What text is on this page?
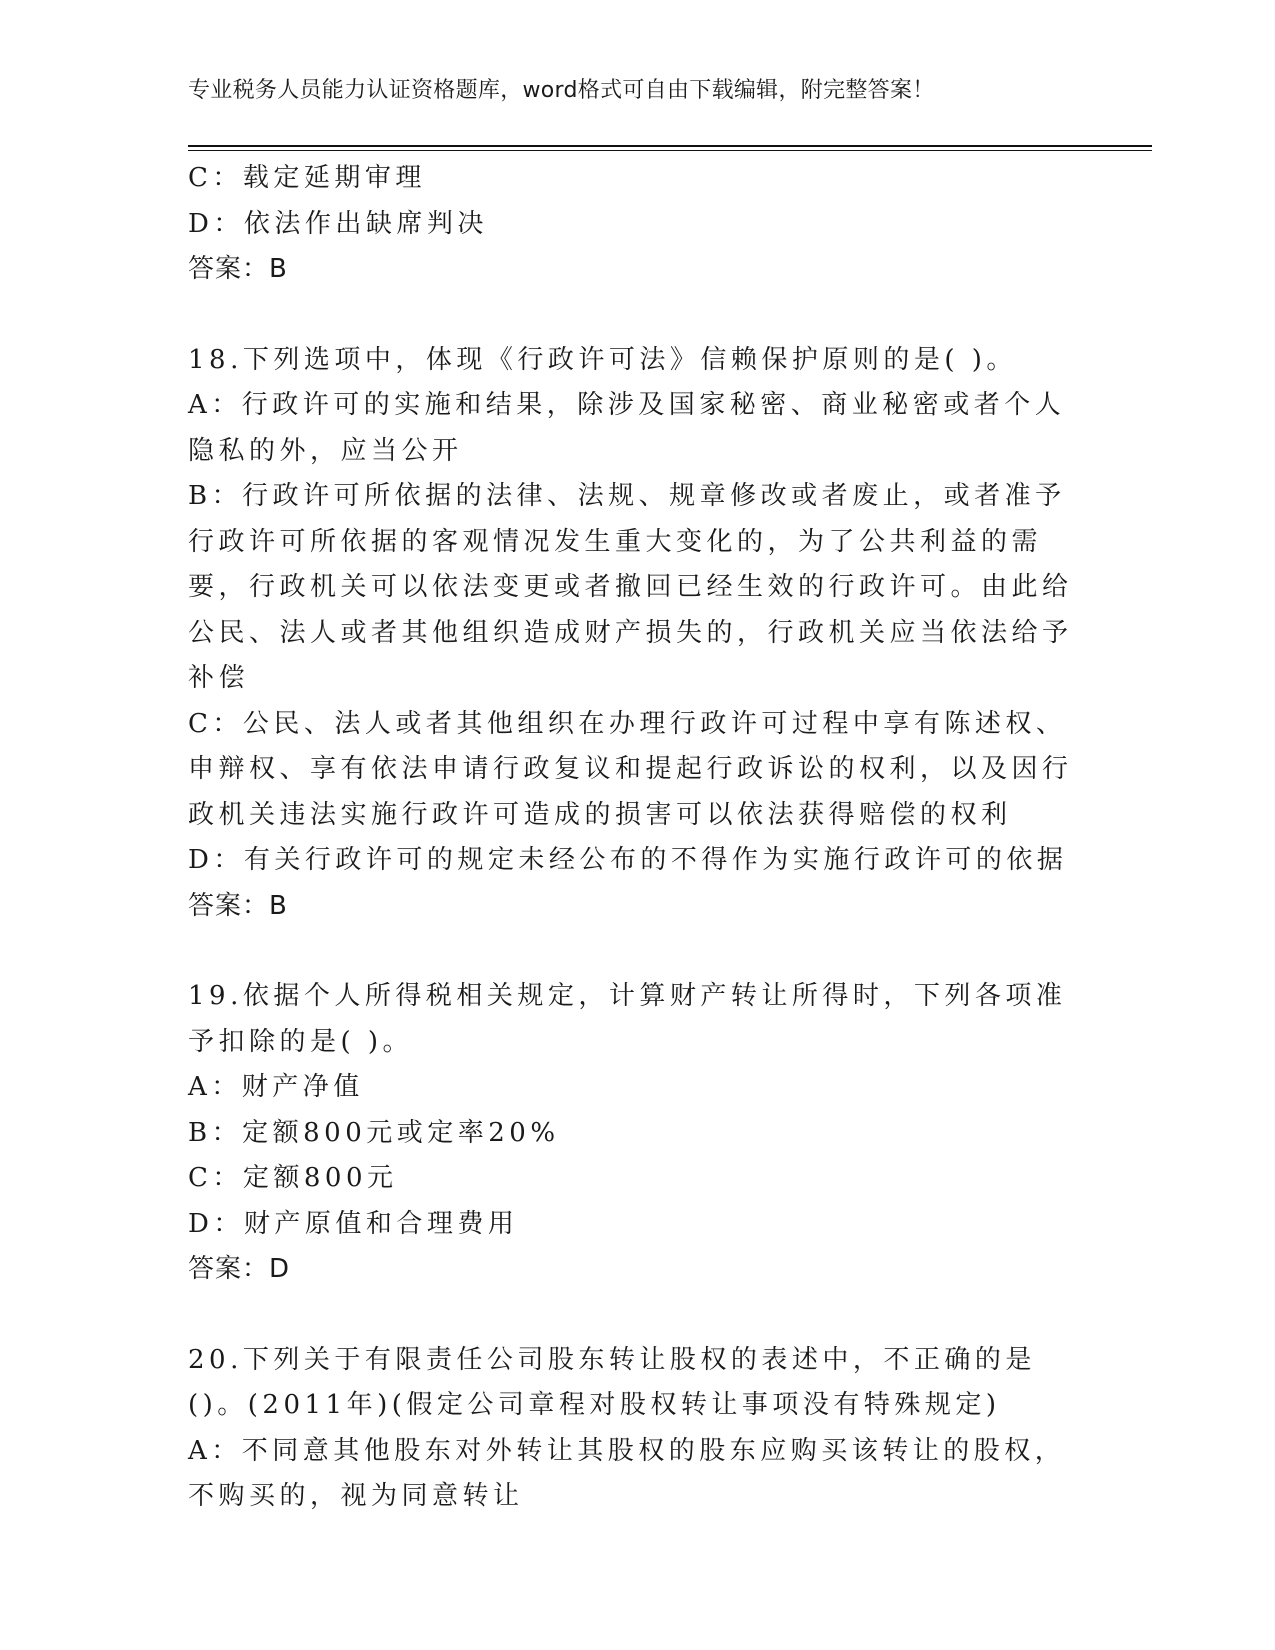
专业税务人员能力认证资格题库，word格式可自由下载编辑，附完整答案！

C：载定延期审理

D：依法作出缺席判决

答案：B

18.下列选项中，体现《行政许可法》信赖保护原则的是( )。

A：行政许可的实施和结果，除涉及国家秘密、商业秘密或者个人隐私的外，应当公开

B：行政许可所依据的法律、法规、规章修改或者废止，或者准予行政许可所依据的客观情况发生重大变化的，为了公共利益的需要，行政机关可以依法变更或者撤回已经生效的行政许可。由此给公民、法人或者其他组织造成财产损失的，行政机关应当依法给予补偿

C：公民、法人或者其他组织在办理行政许可过程中享有陈述权、申辩权、享有依法申请行政复议和提起行政诉讼的权利，以及因行政机关违法实施行政许可造成的损害可以依法获得赔偿的权利

D：有关行政许可的规定未经公布的不得作为实施行政许可的依据

答案：B

19.依据个人所得税相关规定，计算财产转让所得时，下列各项准予扣除的是( )。

A：财产净值

B：定额800元或定率20%

C：定额800元

D：财产原值和合理费用

答案：D

20.下列关于有限责任公司股东转让股权的表述中，不正确的是()。(2011年)(假定公司章程对股权转让事项没有特殊规定)

A：不同意其他股东对外转让其股权的股东应购买该转让的股权，不购买的，视为同意转让
